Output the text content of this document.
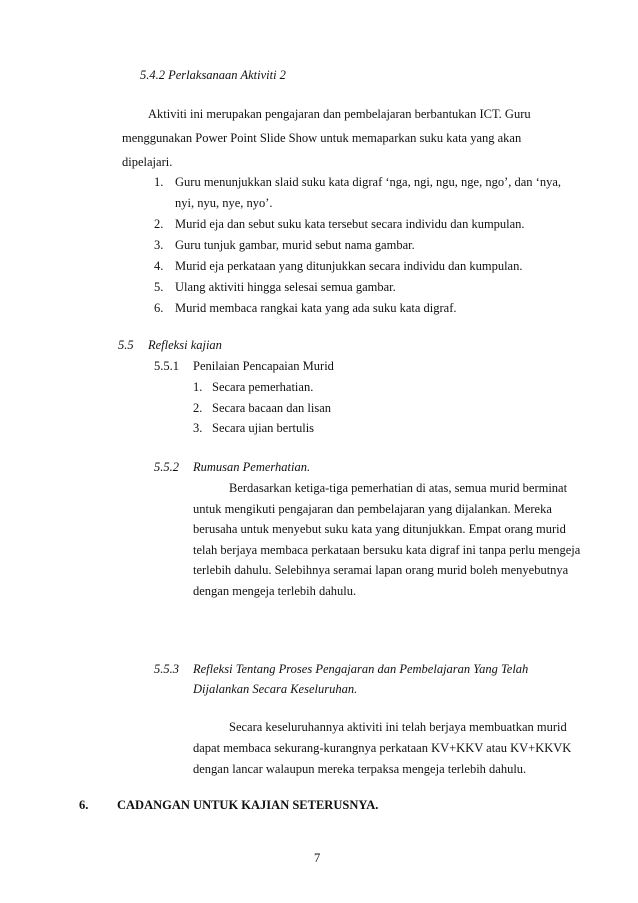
5.4.2 Perlaksanaan Aktiviti 2
Aktiviti ini merupakan pengajaran dan pembelajaran berbantukan ICT. Guru
menggunakan Power Point Slide Show untuk memaparkan suku kata yang akan
dipelajari.
1. Guru menunjukkan slaid suku kata digraf ‘nga, ngi, ngu, nge, ngo’, dan ‘nya,
nyi, nyu, nye, nyo’.
2. Murid eja dan sebut suku kata tersebut secara individu dan kumpulan.
3. Guru tunjuk gambar, murid sebut nama gambar.
4. Murid eja perkataan yang ditunjukkan secara individu dan kumpulan.
5. Ulang aktiviti hingga selesai semua gambar.
6. Murid membaca rangkai kata yang ada suku kata digraf.
5.5 Refleksi kajian
5.5.1 Penilaian Pencapaian Murid
1. Secara pemerhatian.
2. Secara bacaan dan lisan
3. Secara ujian bertulis
5.5.2 Rumusan Pemerhatian.
Berdasarkan ketiga-tiga pemerhatian di atas, semua murid berminat
untuk mengikuti pengajaran dan pembelajaran yang dijalankan. Mereka
berusaha untuk menyebut suku kata yang ditunjukkan. Empat orang murid
telah berjaya membaca perkataan bersuku kata digraf ini tanpa perlu mengeja
terlebih dahulu. Selebihnya seramai lapan orang murid boleh menyebutnya
dengan mengeja terlebih dahulu.
5.5.3 Refleksi Tentang Proses Pengajaran dan Pembelajaran Yang Telah
Dijalankan Secara Keseluruhan.
Secara keseluruhannya aktiviti ini telah berjaya membuatkan murid
dapat membaca sekurang-kurangnya perkataan KV+KKV atau KV+KKVK
dengan lancar walaupun mereka terpaksa mengeja terlebih dahulu.
6. CADANGAN UNTUK KAJIAN SETERUSNYA.
7
